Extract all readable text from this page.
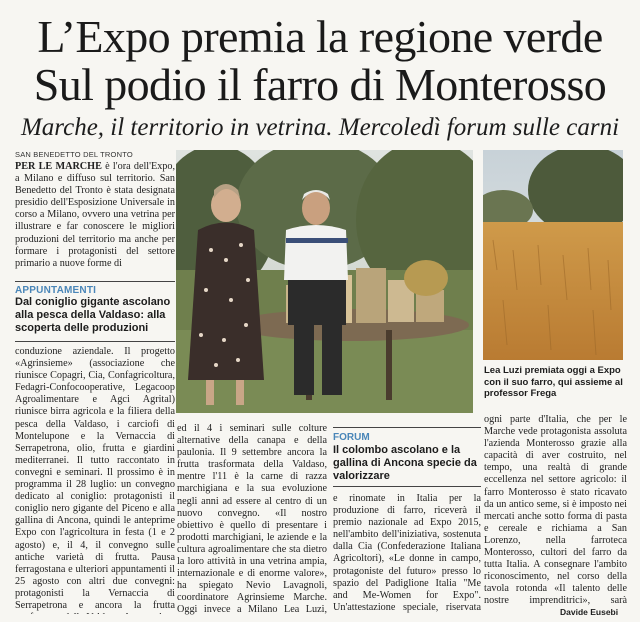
L’Expo premia la regione verde
Sul podio il farro di Monterosso
Marche, il territorio in vetrina. Mercoledì forum sulle carni
SAN BENEDETTO DEL TRONTO

PER LE MARCHE è l'ora dell'Expo, a Milano e diffuso sul territorio. San Benedetto del Tronto è stata designata presidio dell'Esposizione Universale in corso a Milano, ovvero una vetrina per illustrare e far conoscere le migliori produzioni del territorio ma anche per formare i protagonisti del settore primario a nuove forme di

APPUNTAMENTI
Dal coniglio gigante ascolano alla pesca della Valdaso: alla scoperta delle produzioni

conduzione aziendale. Il progetto «Agrinsieme» (associazione che riunisce Copagri, Cia, Confagricoltura, Fedagri-Confocooperative, Legacoop Agroalimentare e Agci Agrital) riunisce birra agricola e la filiera della pesca della Valdaso, i carciofi di Montelupone e la Vernaccia di Serrapetrona, olio, frutta e giardini mediterranei. Il tutto raccontato in convegni e seminari. Il prossimo è in programma il 28 luglio: un convegno dedicato al coniglio: protagonisti il coniglio nero gigante del Piceno e alla gallina di Ancona, quindi le anteprime Expo con l'agricoltura in festa (1 e 2 agosto) e, il 4, il convegno sulle antiche varietà di frutta. Pausa ferragostana e ulteriori appuntamenti il 25 agosto con altri due convegni: protagonisti la Vernaccia di Serrapetrona e ancora la frutta

Lea Luzi premiata oggi a Expo con il suo farro, qui assieme al professor Frega

ed il 4 i seminari sulle colture alternative della canapa e della paulonia. Il 9 settembre ancora la frutta trasformata della Valdaso, mentre l'11 è la carne di razza marchigiana e la sua evoluzione negli anni ad essere al centro di un nuovo convegno. «Il nostro obiettivo è quello di presentare i prodotti marchigiani, le aziende e la cultura agroalimentare che sta dietro la loro attività in una vetrina ampia, internazionale e di enorme valore», ha spiegato Nevio Lavagnoli, coordinatore Agrinsieme Marche. Oggi invece a Milano Lea Luzi,

FORUM
Il colombo ascolano e la gallina di Ancona specie da valorizzare

e rinomate in Italia per la produzione di farro, riceverà il premio nazionale ad Expo 2015, nell'ambito dell'iniziativa, sostenuta dalla Cia (Confederazione Italiana Agricoltori), «Le donne in campo, protagoniste del futuro» presso lo spazio del Padiglione Italia "Me and Me-Women for Expo". Un'attestazione speciale, riservata

ogni parte d'Italia, che per le Marche vede protagonista assoluta l'azienda Monterosso grazie alla capacità di aver costruito, nel tempo, una realtà di grande eccellenza nel settore agricolo: il farro Monterosso è stato ricavato da un antico seme, si è imposto nei mercati anche sotto forma di pasta e cereale e richiama a San Lorenzo, nella farroteca Monterosso, cultori del farro da tutta Italia. A consegnare l'ambito riconoscimento, nel corso della tavola rotonda «Il talento delle nostre imprenditrici», sarà

Davide Eusebi
